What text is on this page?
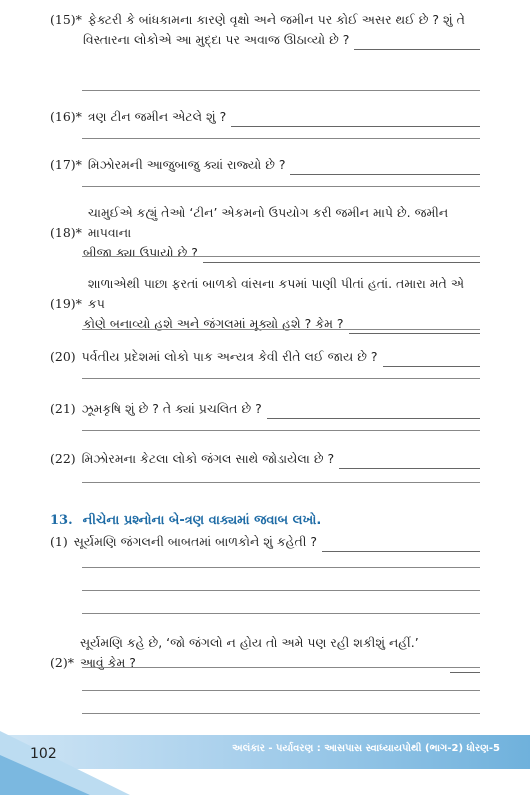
(15)* ફેક્ટરી કે બાંધકામના કારણે વૃક્ષો અને જમીન પર કોઈ અસર થઈ છે ? શું તે
વિસ્તારના લોકોએ આ મુદ્દા પર અવાજ ઊઠાવ્યો છે ?
(16)* ત્રણ ટીન જમીન એટલે શું ?
(17)* મિઝોરમની આજુબાજુ ક્યાં રાજ્યો છે ?
(18)*
ચામુઈએ કહ્યું તેઓ ‘ટીન’ એકમનો ઉપયોગ કરી જમીન માપે છે. જમીન માપવાના
બીજા ક્યા ઉપાયો છે ?
(19)*
શાળાએથી પાછા ફરતાં બાળકો વાંસના કપમાં પાણી પીતાં હતાં. તમારા મતે એ કપ
કોણે બનાવ્યો હશે અને જંગલમાં મૂક્યો હશે ? કેમ ?
(20) પર્વતીય પ્રદેશમાં લોકો પાક અન્યત્ર કેવી રીતે લઈ જાય છે ?
(21) ઝૂમકૃષિ શું છે ? તે ક્યાં પ્રચલિત છે ?
(22) મિઝોરમના કેટલા લોકો જંગલ સાથે જોડાયેલા છે ?
13. નીચેના પ્રશ્નોના બે-ત્રણ વાક્યમાં જવાબ લખો.
(1) સૂર્યમણિ જંગલની બાબતમાં બાળકોને શું કહેતી ?
(2)*
સૂર્યમણિ કહે છે, ‘જો જંગલો ન હોય તો અમે પણ રહી શકીશું નહીં.’ આવું કેમ ?
102	અલંકાર - પર્યાવરણ : આસપાસ સ્વાધ્યાયપોથી (ભાગ-2) ધોરણ-5
